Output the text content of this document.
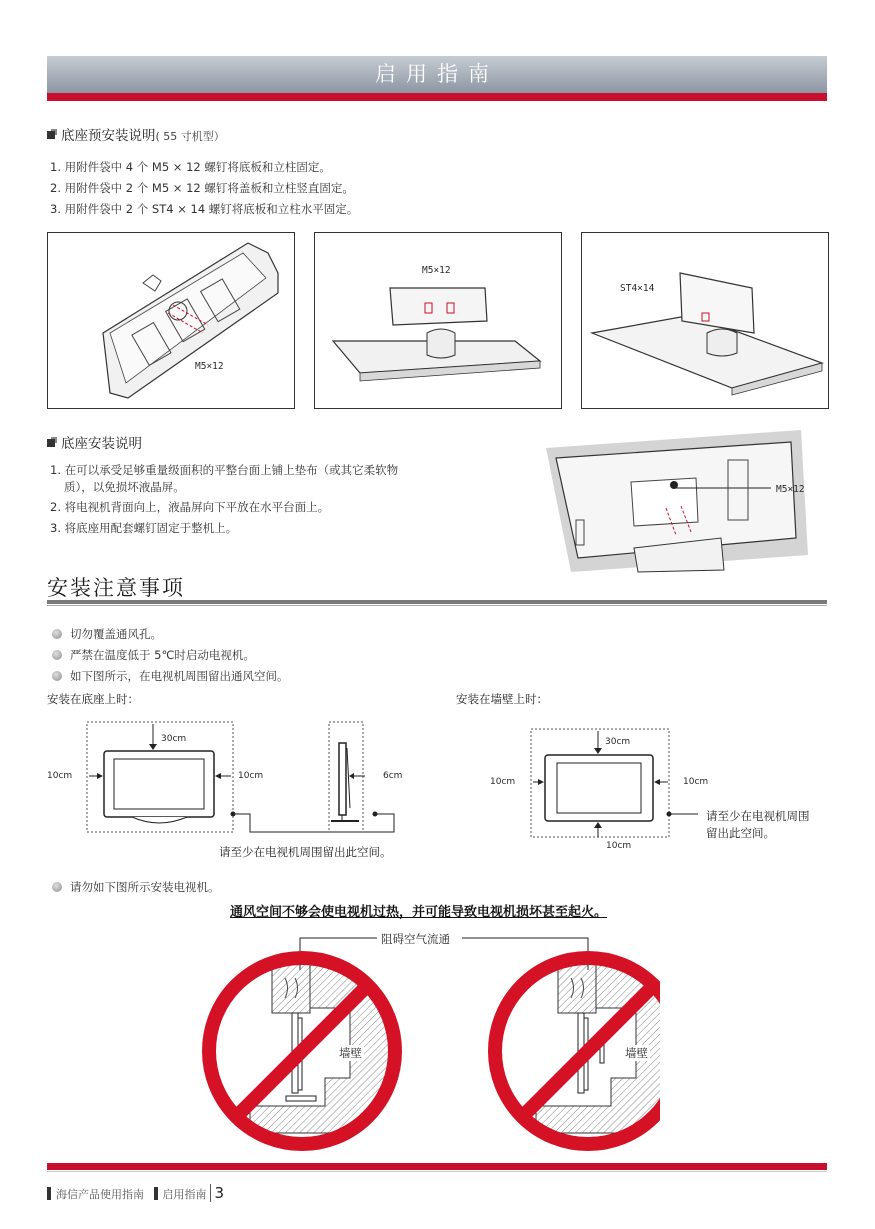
启用指南
底座预安装说明( 55 寸机型）
1. 用附件袋中 4 个 M5 × 12 螺钉将底板和立柱固定。
2. 用附件袋中 2 个 M5 × 12 螺钉将盖板和立柱竖直固定。
3. 用附件袋中 2 个 ST4 × 14 螺钉将底板和立柱水平固定。
M5×12
M5×12
ST4×14
底座安装说明
1. 在可以承受足够重量级面积的平整台面上铺上垫布（或其它柔软物
质），以免损坏液晶屏。
2. 将电视机背面向上，液晶屏向下平放在水平台面上。
3. 将底座用配套螺钉固定于整机上。
M5×12
安装注意事项
切勿覆盖通风孔。
严禁在温度低于 5℃时启动电视机。
如下图所示，在电视机周围留出通风空间。
安装在底座上时：	安装在墙壁上时：
30cm
10cm	10cm	6cm
请至少在电视机周围留出此空间。
30cm
10cm	10cm
10cm
请至少在电视机周围
留出此空间。
请勿如下图所示安装电视机。
通风空间不够会使电视机过热，并可能导致电视机损坏甚至起火。
阻碍空气流通
墙壁	墙壁
海信产品使用指南 启用指南 3
